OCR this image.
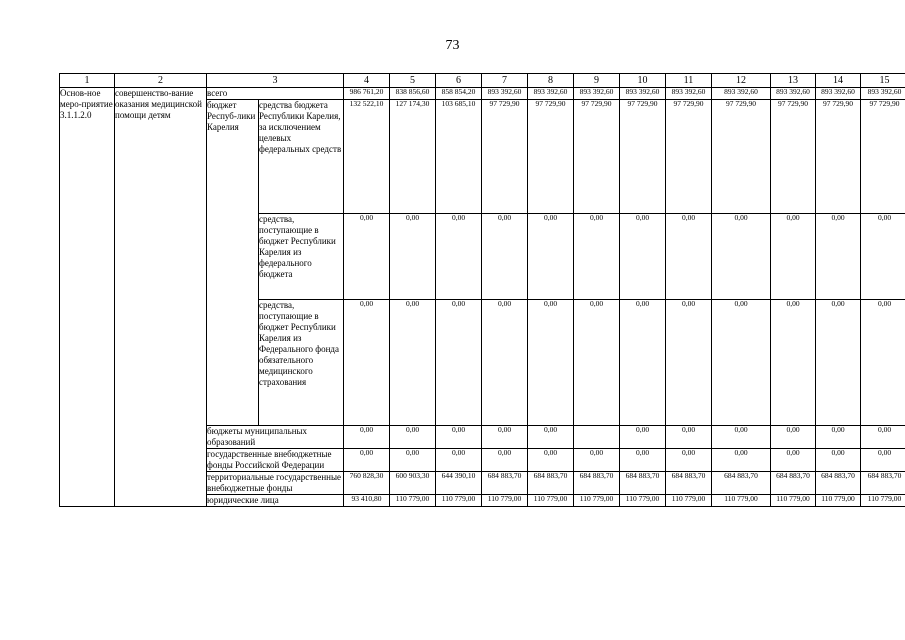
73
1	2	3		4	5	6	7	8	9	10	11	12	13	14	15
Основ-ное меро-приятие 3.1.1.2.0	совершенство-вание оказания медицинской помощи детям	всего		986 761,20	838 856,60	858 854,20	893 392,60	893 392,60	893 392,60	893 392,60	893 392,60	893 392,60	893 392,60	893 392,60	893 392,60
		бюджет Респуб-лики Карелия	средства бюджета Республики Карелия, за исключением целевых федеральных средств	132 522,10	127 174,30	103 685,10	97 729,90	97 729,90	97 729,90	97 729,90	97 729,90	97 729,90	97 729,90	97 729,90	97 729,90
			средства, поступающие в бюджет Республики Карелия из федерального бюджета	0,00	0,00	0,00	0,00	0,00	0,00	0,00	0,00	0,00	0,00	0,00	0,00
			средства, поступающие в бюджет Республики Карелия из Федерального фонда обязательного медицинского страхования	0,00	0,00	0,00	0,00	0,00	0,00	0,00	0,00	0,00	0,00	0,00	0,00
		бюджеты муниципальных образований		0,00	0,00	0,00	0,00	0,00		0,00	0,00	0,00	0,00	0,00	0,00
		государственные внебюджетные фонды Российской Федерации		0,00	0,00	0,00	0,00	0,00	0,00	0,00	0,00	0,00	0,00	0,00	0,00
		территориальные государственные внебюджетные фонды		760 828,30	600 903,30	644 390,10	684 883,70	684 883,70	684 883,70	684 883,70	684 883,70	684 883,70	684 883,70	684 883,70	684 883,70
		юридические лица		93 410,80	110 779,00	110 779,00	110 779,00	110 779,00	110 779,00	110 779,00	110 779,00	110 779,00	110 779,00	110 779,00	110 779,00
